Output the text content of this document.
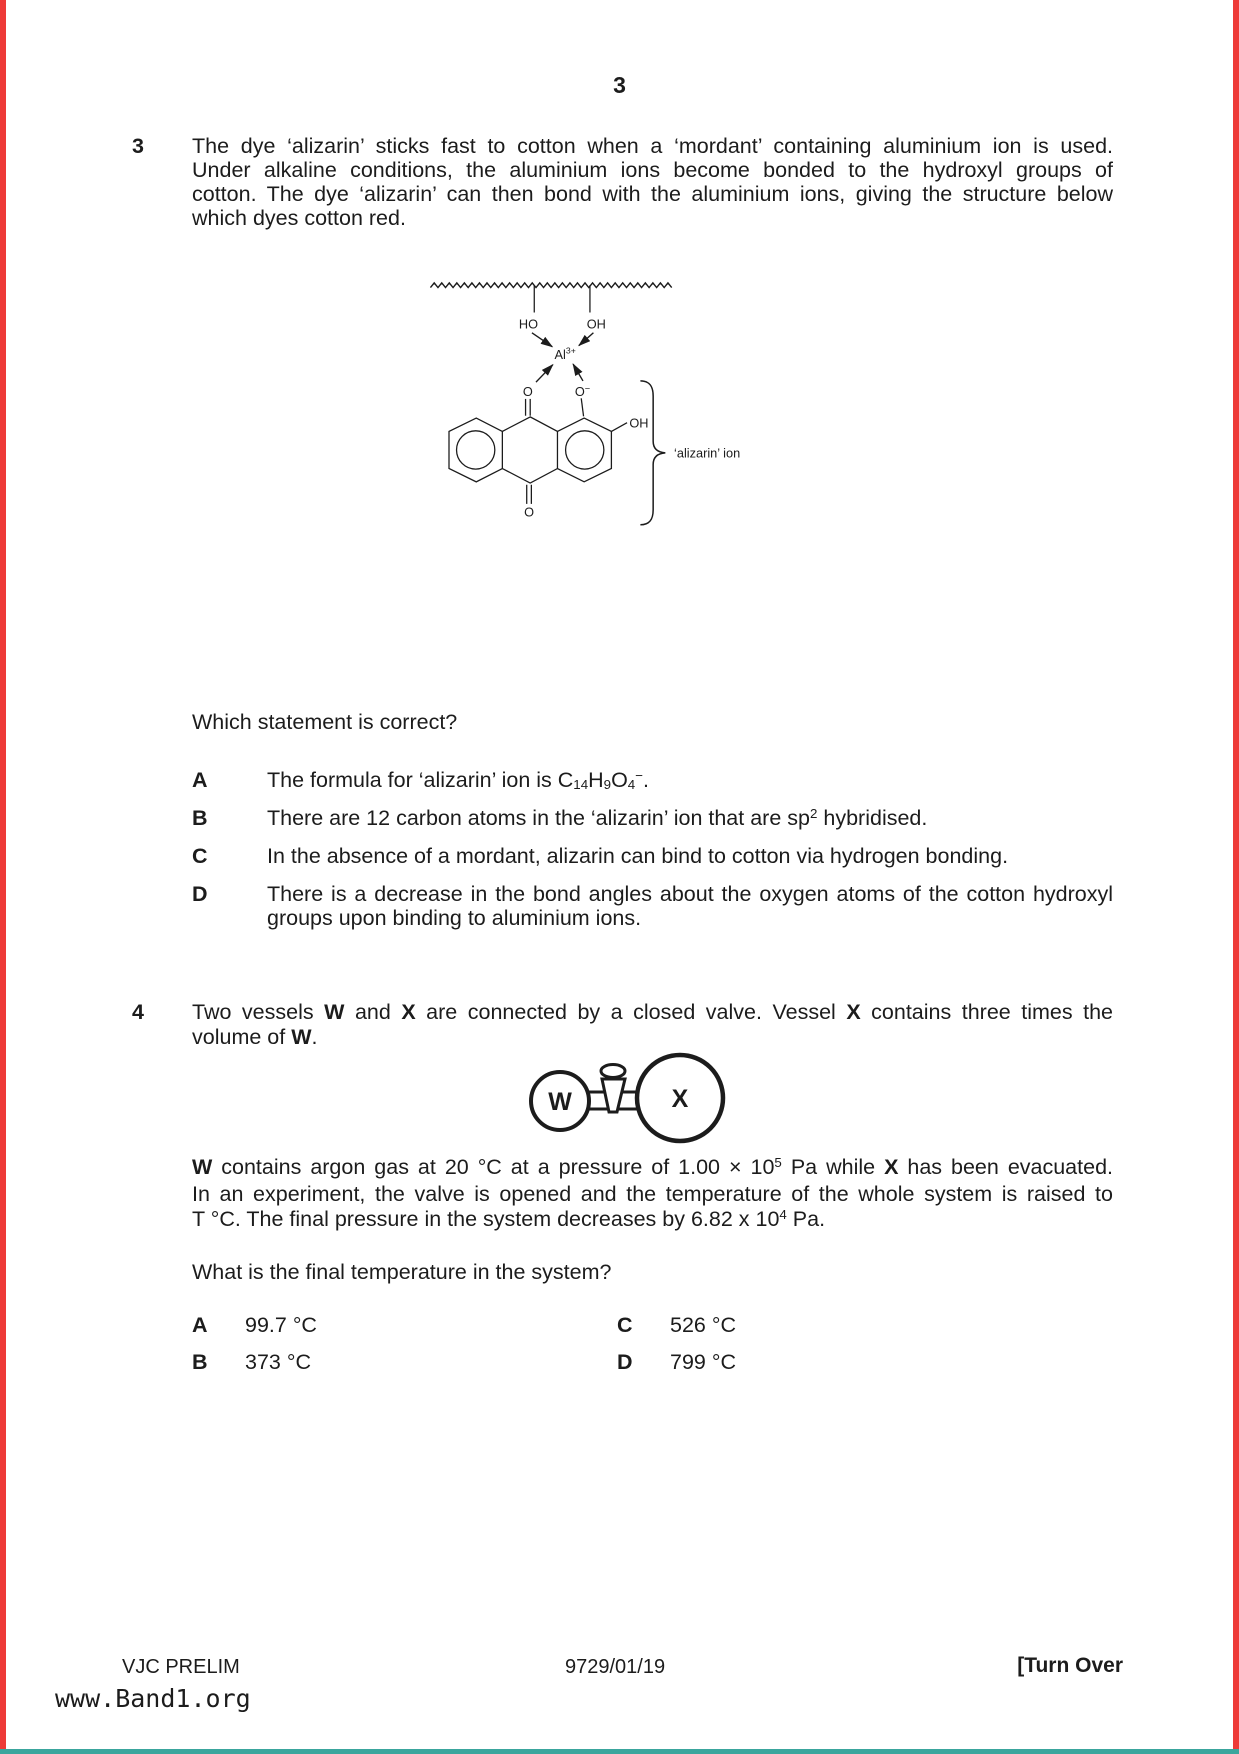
3
3 The dye ‘alizarin’ sticks fast to cotton when a ‘mordant’ containing aluminium ion is used.
Under alkaline conditions, the aluminium ions become bonded to the hydroxyl groups of
cotton. The dye ‘alizarin’ can then bond with the aluminium ions, giving the structure below
which dyes cotton red.
HO OH
$Al^{3+}$
O O−
O
OH
‘alizarin’ ion
Which statement is correct?
A	The formula for ‘alizarin’ ion is C14H9O4−.
B	There are 12 carbon atoms in the ‘alizarin’ ion that are $sp^2$ hybridised.
C	In the absence of a mordant, alizarin can bind to cotton via hydrogen bonding.
D	There is a decrease in the bond angles about the oxygen atoms of the cotton hydroxyl
groups upon binding to aluminium ions.
4 Two vessels W and X are connected by a closed valve. Vessel X contains three times the
volume of W.
W	X
W contains argon gas at 20 °C at a pressure of $1.00 \times 10^5$ Pa while X has been evacuated.
In an experiment, the valve is opened and the temperature of the whole system is raised to
T °C. The final pressure in the system decreases by 6.82 x $10^4$ Pa.
What is the final temperature in the system?
A 99.7 °C	C 526 °C
B 373 °C	D 799 °C
VJC PRELIM	9729/01/19	[Turn Over
www.Band1.org
